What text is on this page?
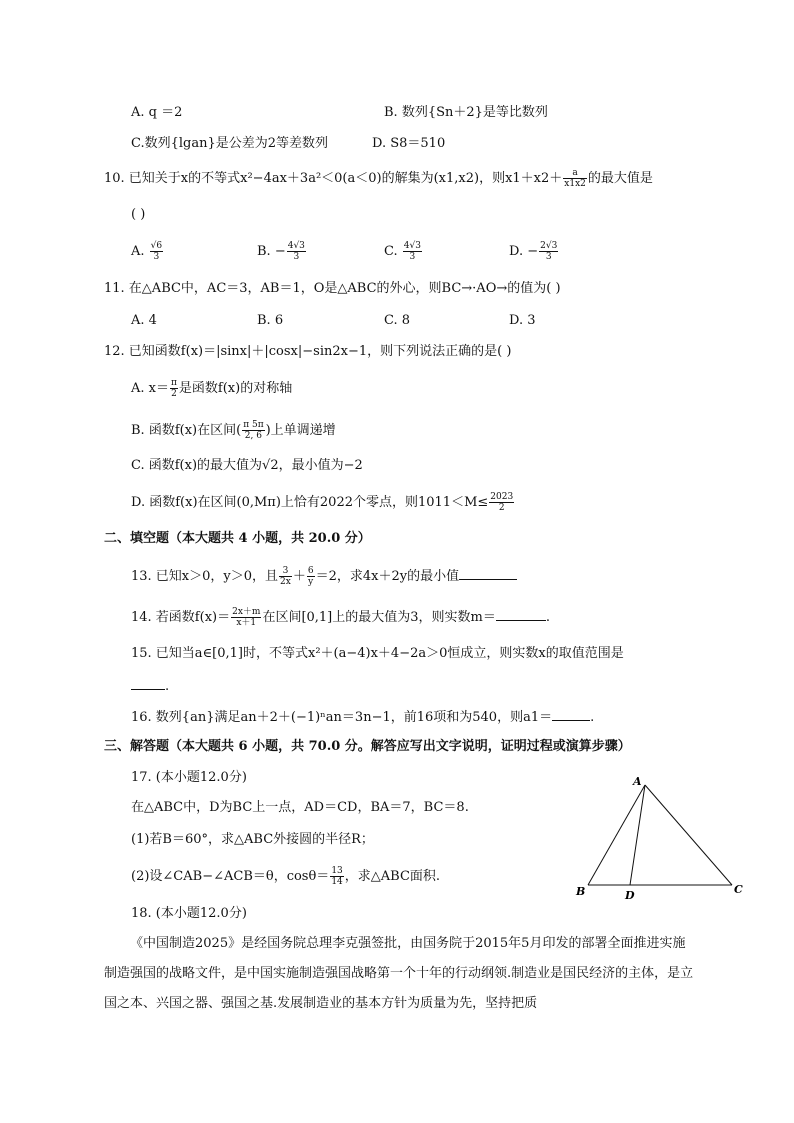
A. q ＝2	B. 数列{Sn＋2}是等比数列
C.数列{lgan}是公差为2等差数列	D. S8＝510
10. 已知关于x的不等式x²−4ax＋3a²＜0(a＜0)的解集为(x1,x2)，则$x1+x2+ \frac{a}{x1x2}$ 的最大值是
( )
A. $\frac{√6}{3}$	B. − $\frac{4√3}{3}$	C. $\frac{4√3}{3}$	D. − $\frac{2√3}{3}$
11. 在△ABC中，AC＝3，AB＝1，O是△ABC的外心，则BC→·AO→的值为( )
A. 4	B. 6	C. 8	D. 3
12. 已知函数f(x)＝|sinx|＋|cosx|−sin2x−1，则下列说法正确的是( )
A. $x= \frac{\pi}{2}$ 是函数f(x)的对称轴
B. 函数f(x)在区间( $\frac{\pi 5\pi}{2, 6}$ )上单调递增
C. 函数f(x)的最大值为√2，最小值为−2
D. 函数f(x)在区间(0,Mπ)上恰有2022个零点，则$1011<M\le \frac{2023}{2}$
二、填空题（本大题共 4 小题，共 20.0 分）
13. 已知x＞0，y＞0，且 $\frac{3}{2x} + \frac{6}{y} =2$，求4x＋2y的最小值
14. 若函数$f(x)= \frac{2x+m}{x+1}$ 在区间[0,1]上的最大值为3，则实数m＝	.
15. 已知当a∈[0,1]时，不等式x²＋(a−4)x＋4−2a＞0恒成立，则实数x的取值范围是
.
16. 数列{an}满足an＋2＋(−1)ⁿan＝3n−1，前16项和为540，则a1＝	.
三、解答题（本大题共 6 小题，共 70.0 分。解答应写出文字说明，证明过程或演算步骤）
17. (本小题12.0分)
在△ABC中，D为BC上一点，AD＝CD，BA＝7，BC＝8.
(1)若B＝60°，求△ABC外接圆的半径R；
(2)设∠CAB−∠ACB＝θ，$\cos\theta= \frac{13}{14}$ ，求△ABC面积.
A
B	C
D
18. (本小题12.0分)
《中国制造2025》是经国务院总理李克强签批，由国务院于2015年5月印发的部署全面推进实施制造强国的战略文件，是中国实施制造强国战略第一个十年的行动纲领.制造业是国民经济的主体，是立国之本、兴国之器、强国之基.发展制造业的基本方针为质量为先，坚持把质
